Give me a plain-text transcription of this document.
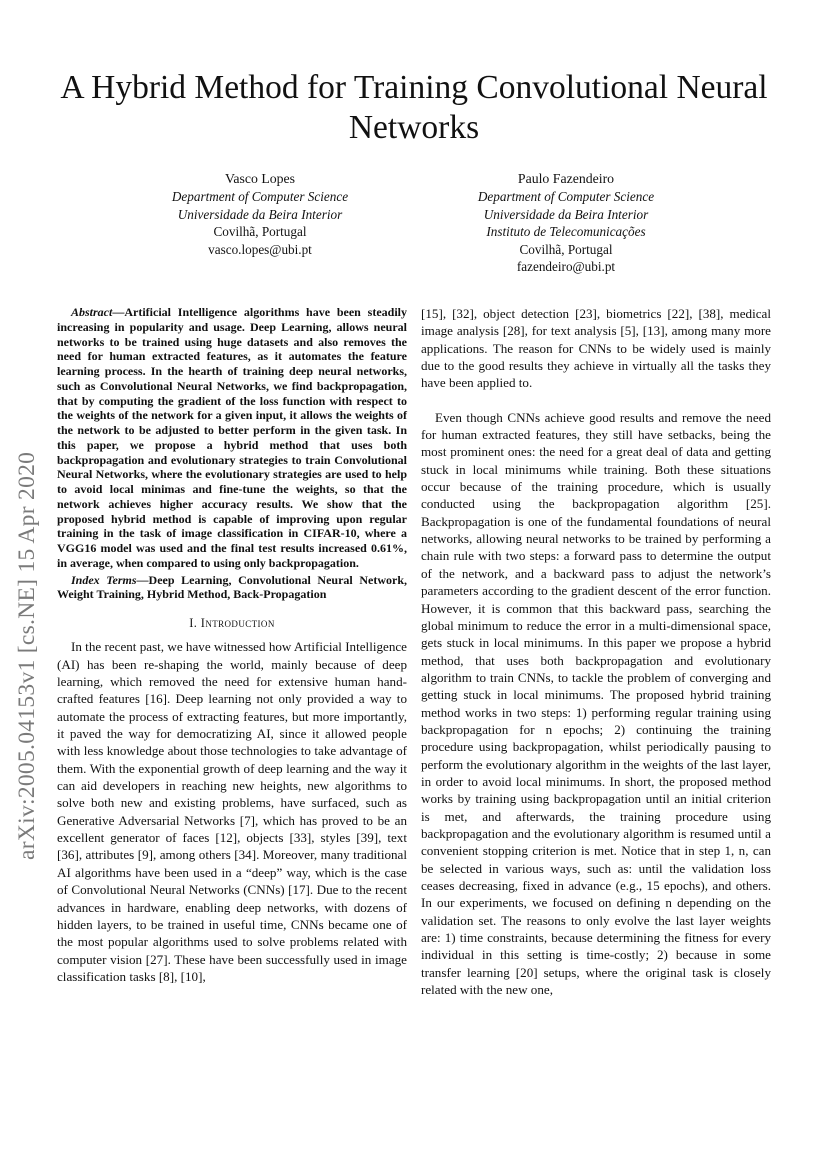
arXiv:2005.04153v1 [cs.NE] 15 Apr 2020
A Hybrid Method for Training Convolutional Neural Networks
Vasco Lopes
Department of Computer Science
Universidade da Beira Interior
Covilhã, Portugal
vasco.lopes@ubi.pt
Paulo Fazendeiro
Department of Computer Science
Universidade da Beira Interior
Instituto de Telecomunicações
Covilhã, Portugal
fazendeiro@ubi.pt

Abstract—Artificial Intelligence algorithms have been steadily increasing in popularity and usage. Deep Learning, allows neural networks to be trained using huge datasets and also removes the need for human extracted features, as it automates the feature learning process. In the hearth of training deep neural networks, such as Convolutional Neural Networks, we find backpropagation, that by computing the gradient of the loss function with respect to the weights of the network for a given input, it allows the weights of the network to be adjusted to better perform in the given task. In this paper, we propose a hybrid method that uses both backpropagation and evolutionary strategies to train Convolutional Neural Networks, where the evolutionary strategies are used to help to avoid local minimas and fine-tune the weights, so that the network achieves higher accuracy results. We show that the proposed hybrid method is capable of improving upon regular training in the task of image classification in CIFAR-10, where a VGG16 model was used and the final test results increased 0.61%, in average, when compared to using only backpropagation.

Index Terms—Deep Learning, Convolutional Neural Network, Weight Training, Hybrid Method, Back-Propagation

I. Introduction

In the recent past, we have witnessed how Artificial Intelligence (AI) has been re-shaping the world, mainly because of deep learning, which removed the need for extensive human hand-crafted features [16]. Deep learning not only provided a way to automate the process of extracting features, but more importantly, it paved the way for democratizing AI, since it allowed people with less knowledge about those technologies to take advantage of them. With the exponential growth of deep learning and the way it can aid developers in reaching new heights, new algorithms to solve both new and existing problems, have surfaced, such as Generative Adversarial Networks [7], which has proved to be an excellent generator of faces [12], objects [33], styles [39], text [36], attributes [9], among others [34]. Moreover, many traditional AI algorithms have been used in a “deep” way, which is the case of Convolutional Neural Networks (CNNs) [17]. Due to the recent advances in hardware, enabling deep networks, with dozens of hidden layers, to be trained in useful time, CNNs became one of the most popular algorithms used to solve problems related with computer vision [27]. These have been successfully used in image classification tasks [8], [10],

[15], [32], object detection [23], biometrics [22], [38], medical image analysis [28], for text analysis [5], [13], among many more applications. The reason for CNNs to be widely used is mainly due to the good results they achieve in virtually all the tasks they have been applied to.

Even though CNNs achieve good results and remove the need for human extracted features, they still have setbacks, being the most prominent ones: the need for a great deal of data and getting stuck in local minimums while training. Both these situations occur because of the training procedure, which is usually conducted using the backpropagation algorithm [25]. Backpropagation is one of the fundamental foundations of neural networks, allowing neural networks to be trained by performing a chain rule with two steps: a forward pass to determine the output of the network, and a backward pass to adjust the network’s parameters according to the gradient descent of the error function. However, it is common that this backward pass, searching the global minimum to reduce the error in a multi-dimensional space, gets stuck in local minimums. In this paper we propose a hybrid method, that uses both backpropagation and evolutionary algorithm to train CNNs, to tackle the problem of converging and getting stuck in local minimums. The proposed hybrid training method works in two steps: 1) performing regular training using backpropagation for n epochs; 2) continuing the training procedure using backpropagation, whilst periodically pausing to perform the evolutionary algorithm in the weights of the last layer, in order to avoid local minimums. In short, the proposed method works by training using backpropagation until an initial criterion is met, and afterwards, the training procedure using backpropagation and the evolutionary algorithm is resumed until a convenient stopping criterion is met. Notice that in step 1, n, can be selected in various ways, such as: until the validation loss ceases decreasing, fixed in advance (e.g., 15 epochs), and others. In our experiments, we focused on defining n depending on the validation set. The reasons to only evolve the last layer weights are: 1) time constraints, because determining the fitness for every individual in this setting is time-costly; 2) because in some transfer learning [20] setups, where the original task is closely related with the new one,
